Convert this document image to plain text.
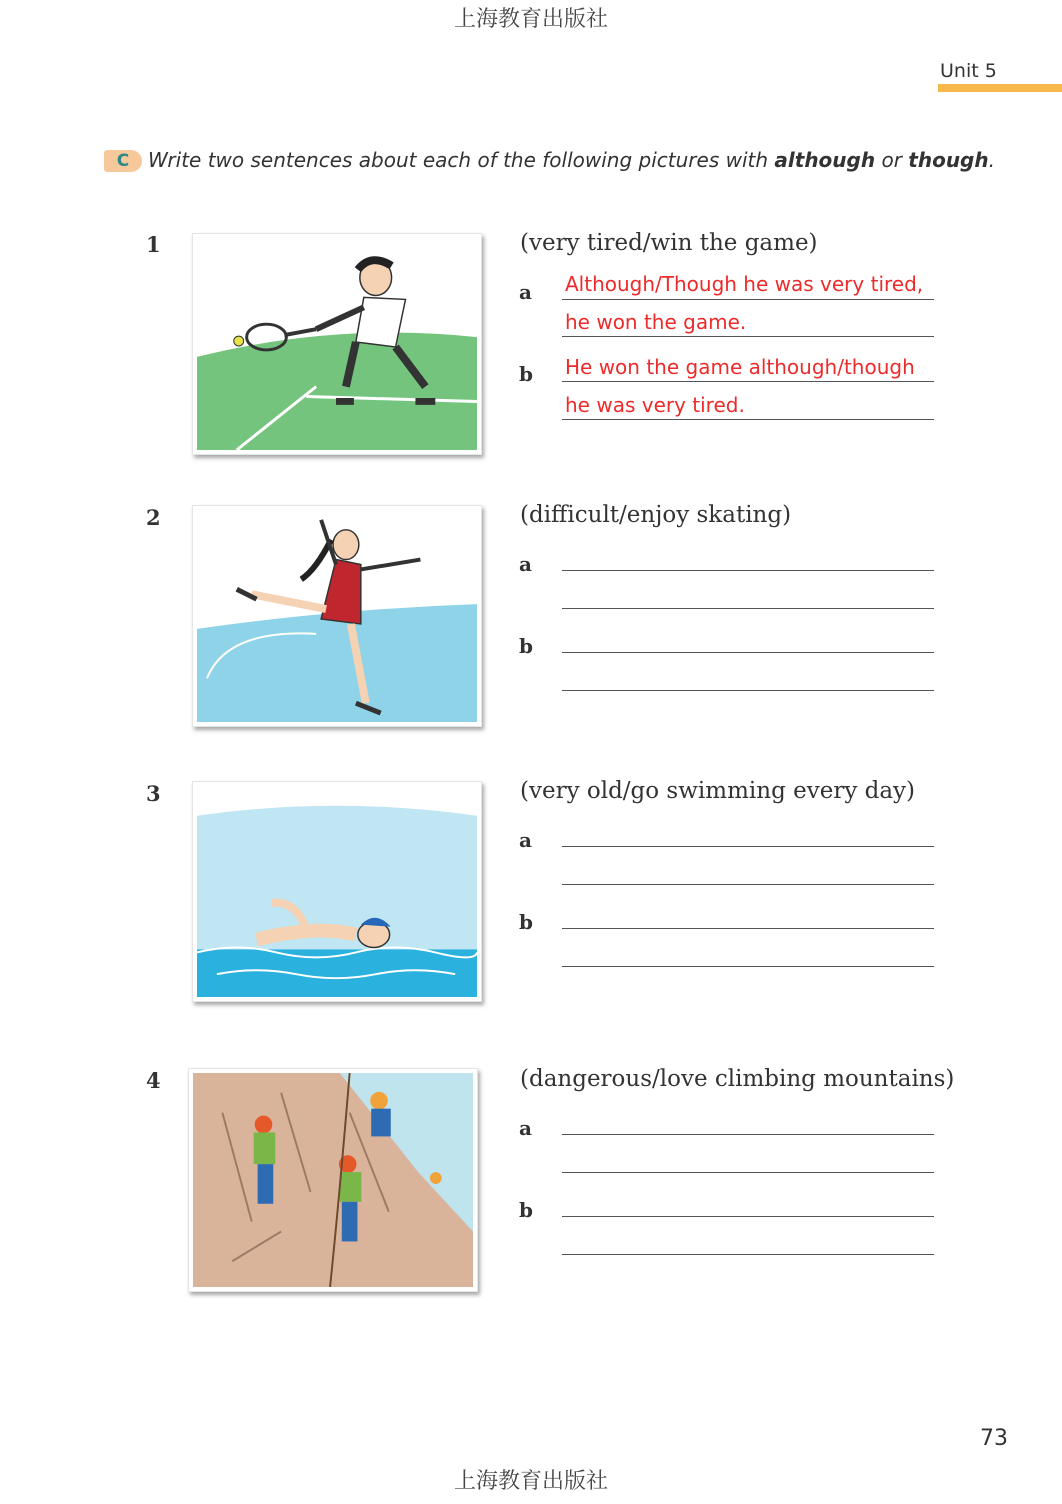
上海教育出版社
Unit 5
C Write two sentences about each of the following pictures with although or though.
1	(very tired/win the game)
a Although/Though he was very tired,
he won the game.
b He won the game although/though
he was very tired.
2	(difficult/enjoy skating)
a
b
3	(very old/go swimming every day)
a
b
4	(dangerous/love climbing mountains)
a
b
73
上海教育出版社
